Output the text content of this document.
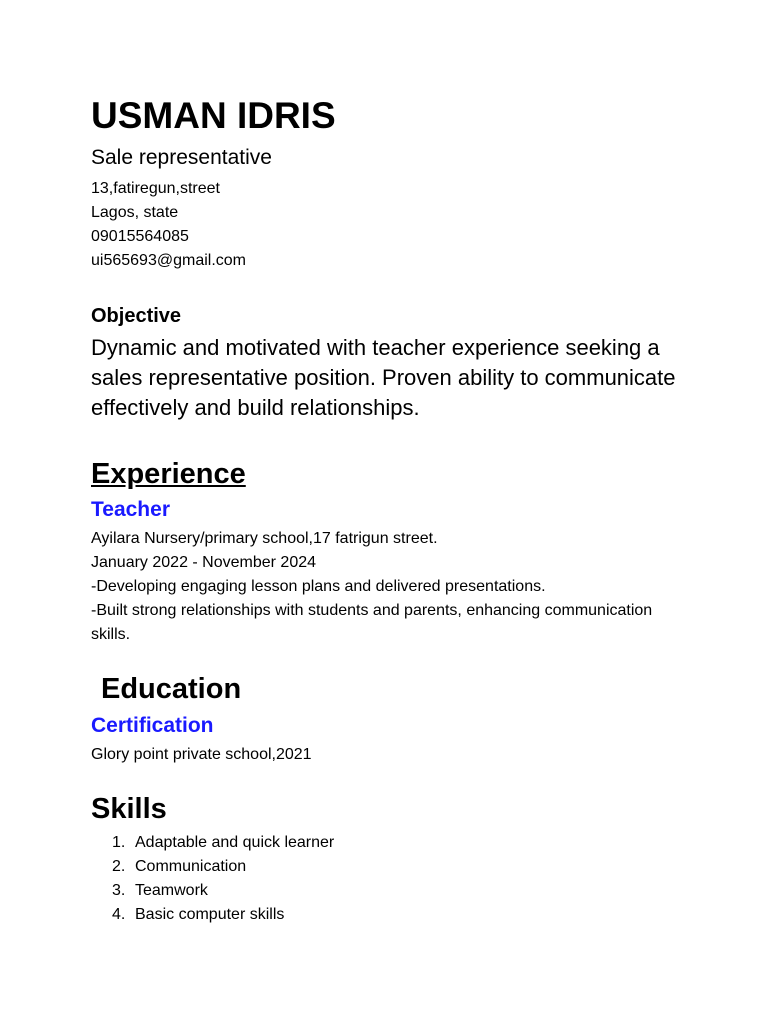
USMAN IDRIS
Sale representative
13,fatiregun,street
Lagos, state
09015564085
ui565693@gmail.com
Objective
Dynamic and motivated with teacher experience seeking a sales representative position. Proven ability to communicate effectively and build relationships.
Experience
Teacher
Ayilara Nursery/primary school,17 fatrigun street.
January 2022 - November 2024
-Developing engaging lesson plans and delivered presentations.
-Built strong relationships with students and parents, enhancing communication skills.
Education
Certification
Glory point private school,2021
Skills
1. Adaptable and quick learner
2. Communication
3. Teamwork
4. Basic computer skills
